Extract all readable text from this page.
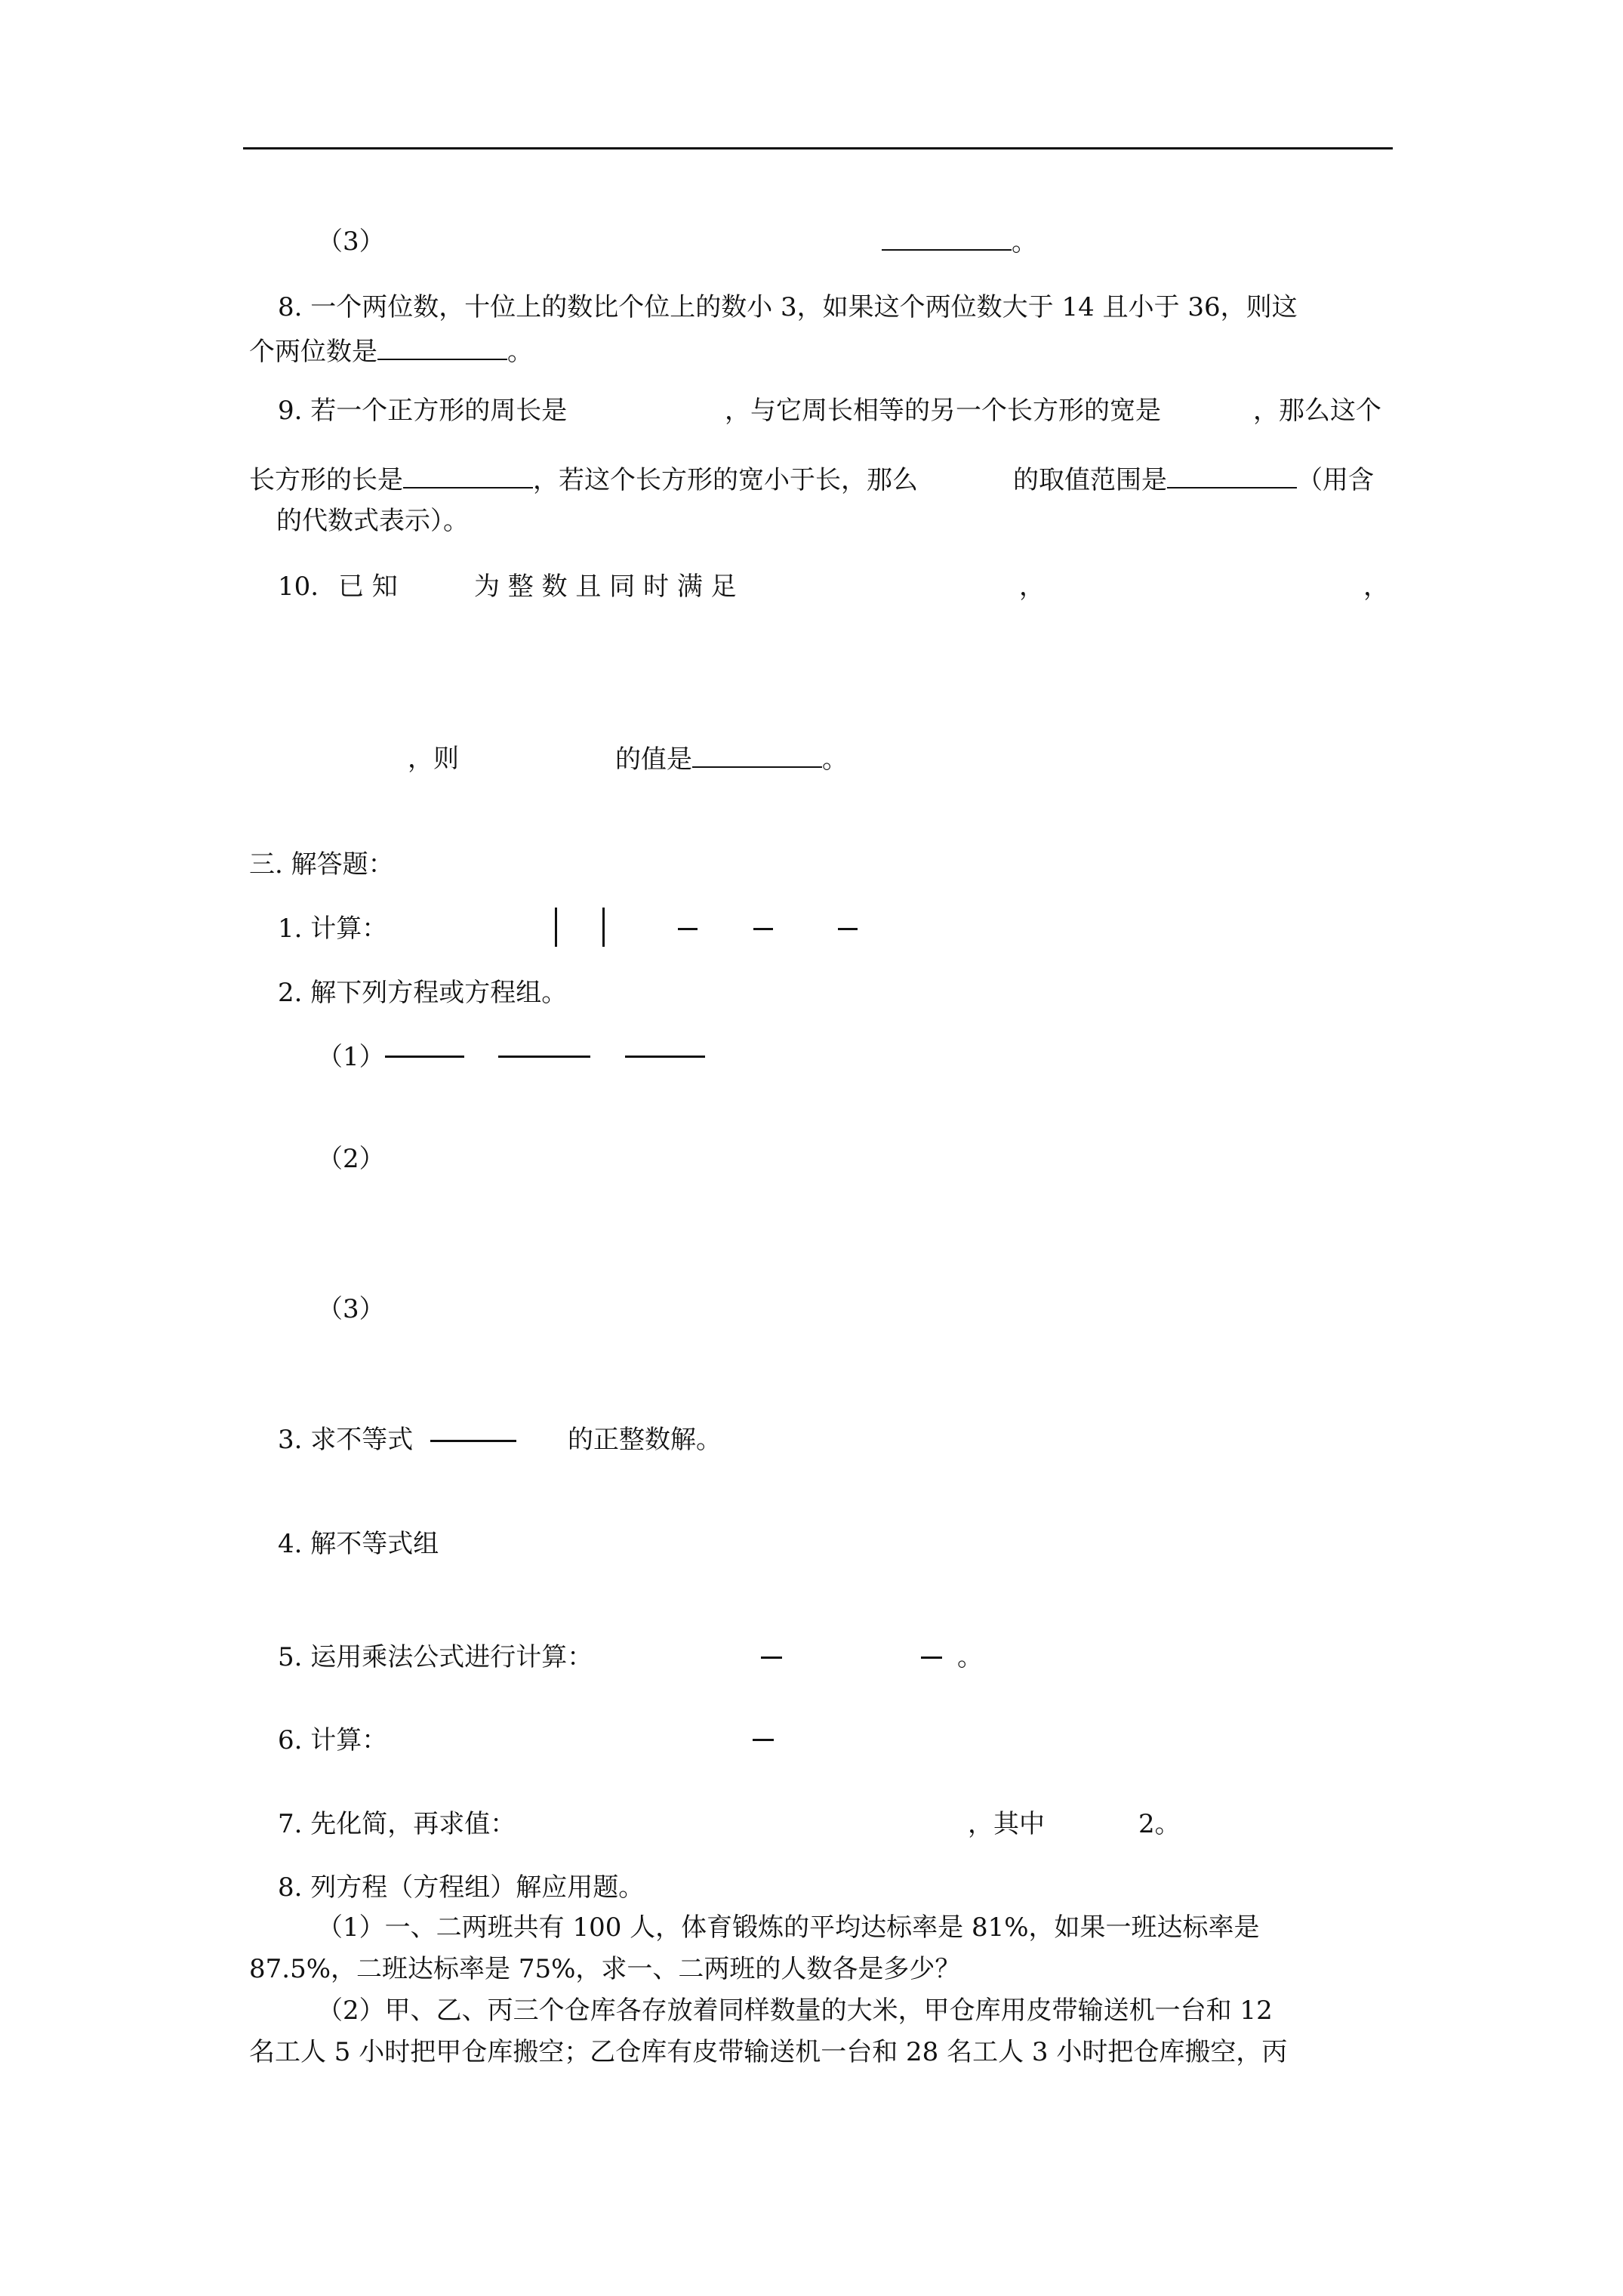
（3）	。
8. 一个两位数，十位上的数比个位上的数小 3，如果这个两位数大于 14 且小于 36，则这
个两位数是	。
9. 若一个正方形的周长是	，与它周长相等的另一个长方形的宽是	，那么这个
长方形的长是	，若这个长方形的宽小于长，那么	的取值范围是	（用含
的代数式表示）。
10. 已 知	为 整 数 且 同 时 满 足	，	，
，则	的值是	。
三. 解答题：
1. 计算：
2. 解下列方程或方程组。
（1）
（2）
（3）
3. 求不等式	的正整数解。
4. 解不等式组
5. 运用乘法公式进行计算：	。
6. 计算：
7. 先化简，再求值：	，其中	2。
8. 列方程（方程组）解应用题。
（1）一、二两班共有 100 人，体育锻炼的平均达标率是 81%，如果一班达标率是
87.5%，二班达标率是 75%，求一、二两班的人数各是多少？
（2）甲、乙、丙三个仓库各存放着同样数量的大米，甲仓库用皮带输送机一台和 12
名工人 5 小时把甲仓库搬空；乙仓库有皮带输送机一台和 28 名工人 3 小时把仓库搬空，丙
